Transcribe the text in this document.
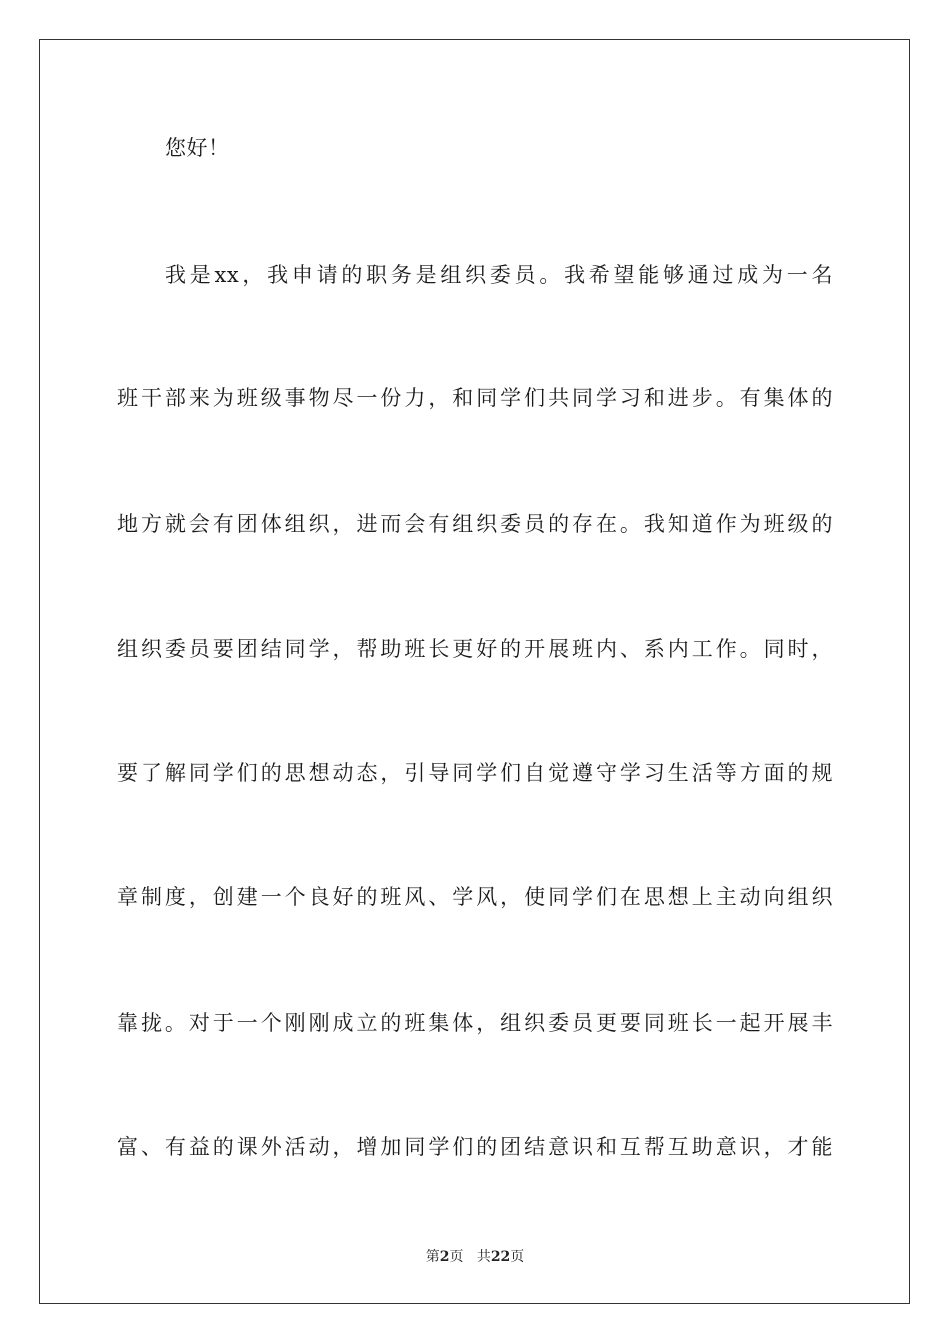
您好！
我是xx，我申请的职务是组织委员。我希望能够通过成为一名
班干部来为班级事物尽一份力，和同学们共同学习和进步。有集体的
地方就会有团体组织，进而会有组织委员的存在。我知道作为班级的
组织委员要团结同学，帮助班长更好的开展班内、系内工作。同时，
要了解同学们的思想动态，引导同学们自觉遵守学习生活等方面的规
章制度，创建一个良好的班风、学风，使同学们在思想上主动向组织
靠拢。对于一个刚刚成立的班集体，组织委员更要同班长一起开展丰
富、有益的课外活动，增加同学们的团结意识和互帮互助意识，才能
第2页 共22页
